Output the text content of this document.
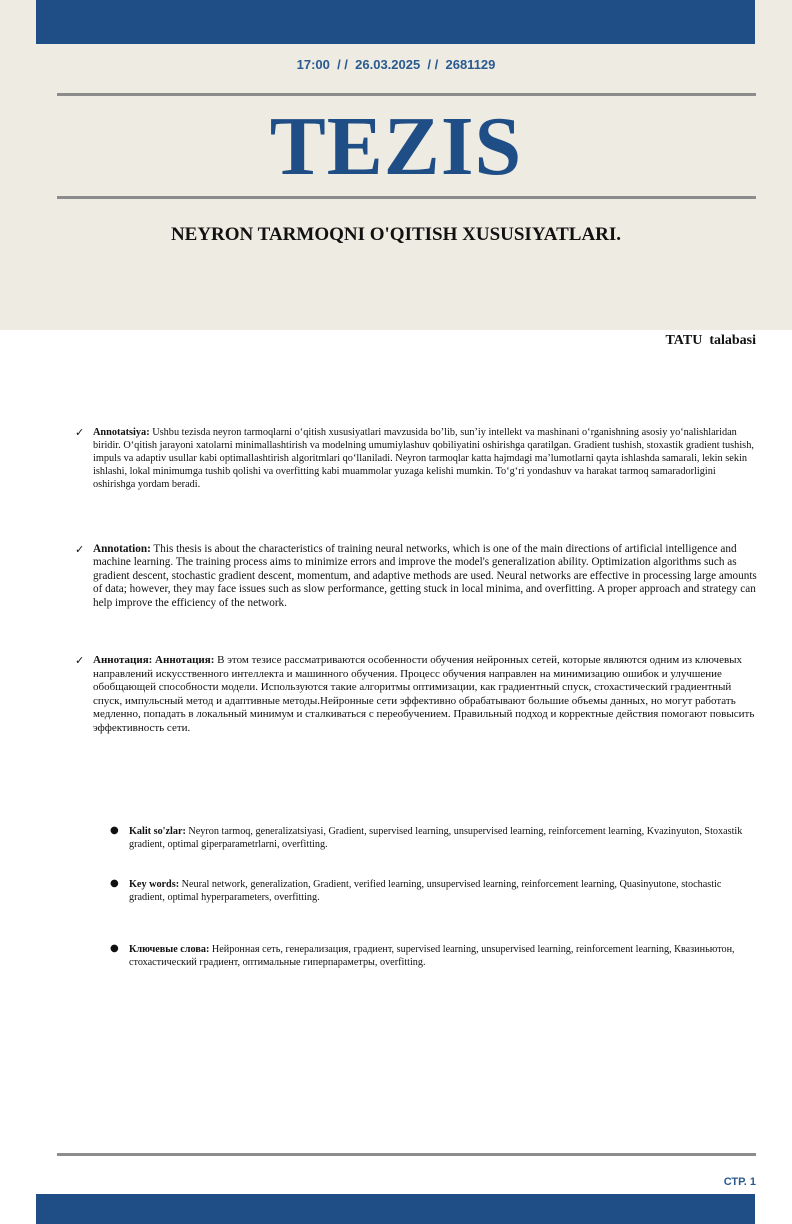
17:00  / /  26.03.2025  / /  2681129
TEZIS
NEYRON TARMOQNI O'QITISH XUSUSIYATLARI.
TATU  talabasi
✓ Annotatsiya: Ushbu tezisda neyron tarmoqlarni o‘qitish xususiyatlari mavzusida bo’lib, sun’iy intellekt va mashinani o‘rganishning asosiy yo‘nalishlaridan biridir. O‘qitish jarayoni xatolarni minimallashtirish va modelning umumiylashuv qobiliyatini oshirishga qaratilgan. Gradient tushish, stoxastik gradient tushish, impuls va adaptiv usullar kabi optimallashtirish algoritmlari qo‘llaniladi. Neyron tarmoqlar katta hajmdagi ma’lumotlarni qayta ishlashda samarali, lekin sekin ishlashi, lokal minimumga tushib qolishi va overfitting kabi muammolar yuzaga kelishi mumkin. To‘g‘ri yondashuv va harakat tarmoq samaradorligini oshirishga yordam beradi.
✓ Annotation: This thesis is about the characteristics of training neural networks, which is one of the main directions of artificial intelligence and machine learning. The training process aims to minimize errors and improve the model's generalization ability. Optimization algorithms such as gradient descent, stochastic gradient descent, momentum, and adaptive methods are used. Neural networks are effective in processing large amounts of data; however, they may face issues such as slow performance, getting stuck in local minima, and overfitting. A proper approach and strategy can help improve the efficiency of the network.
✓ Аннотация: Аннотация: В этом тезисе рассматриваются особенности обучения нейронных сетей, которые являются одним из ключевых направлений искусственного интеллекта и машинного обучения. Процесс обучения направлен на минимизацию ошибок и улучшение обобщающей способности модели. Используются такие алгоритмы оптимизации, как градиентный спуск, стохастический градиентный спуск, импульсный метод и адаптивные методы.Нейронные сети эффективно обрабатывают большие объемы данных, но могут работать медленно, попадать в локальный минимум и сталкиваться с переобучением. Правильный подход и корректные действия помогают повысить эффективность сети.
● Kalit so'zlar: Neyron tarmoq, generalizatsiyasi, Gradient, supervised learning, unsupervised learning, reinforcement learning, Kvazinyuton, Stoxastik gradient, optimal giperparametrlarni, overfitting.
● Key words: Neural network, generalization, Gradient, verified learning, unsupervised learning, reinforcement learning, Quasinyutone, stochastic gradient, optimal hyperparameters, overfitting.
● Ключевые слова: Нейронная сеть, генерализация, градиент, supervised learning, unsupervised learning, reinforcement learning, Квазиньютон, стохастический градиент, оптимальные гиперпараметры, overfitting.
СТР. 1
